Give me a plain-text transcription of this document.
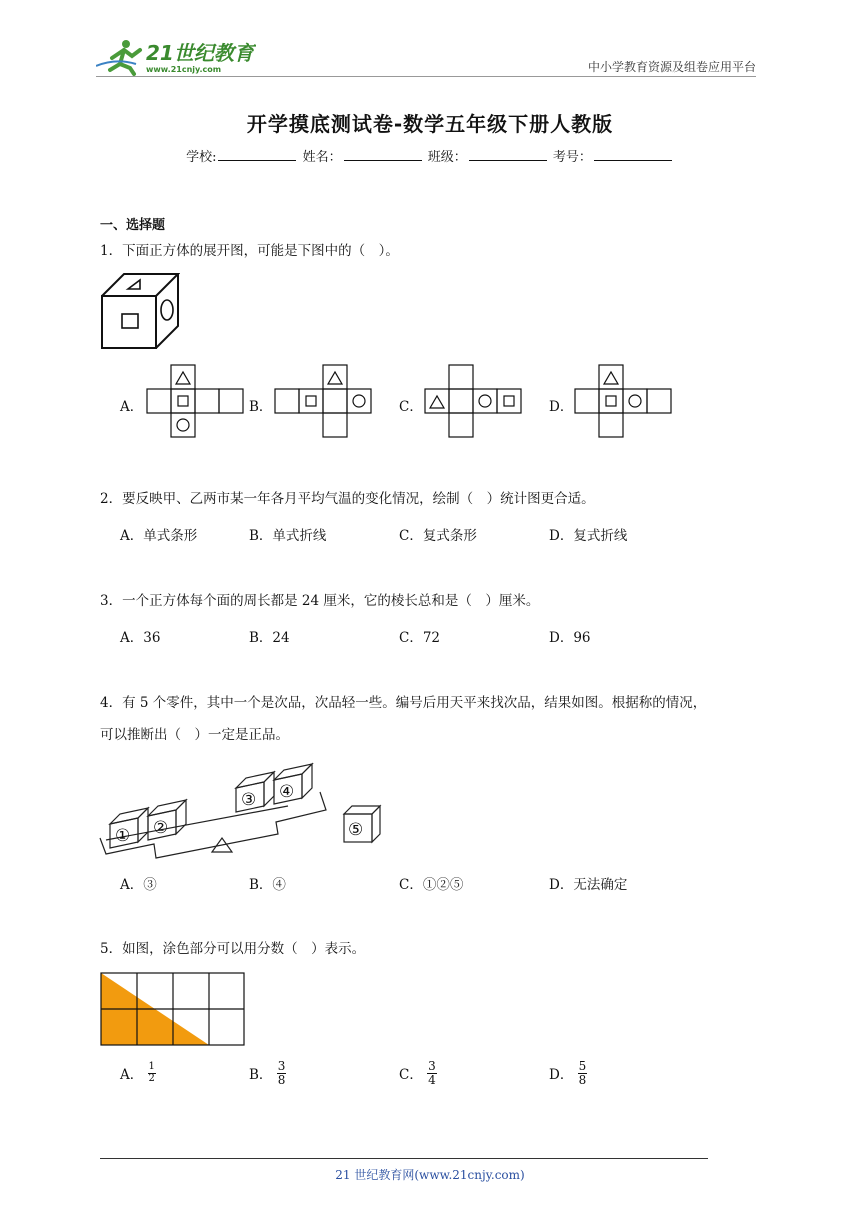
21世纪教育
www.21cnjy.com	中小学教育资源及组卷应用平台
开学摸底测试卷-数学五年级下册人教版
学校:	姓名：	班级：	考号：
一、选择题
1．下面正方体的展开图，可能是下图中的（　）。
A．	B．	C．	D．
2．要反映甲、乙两市某一年各月平均气温的变化情况，绘制（　）统计图更合适。
A．单式条形	B．单式折线	C．复式条形	D．复式折线
3．一个正方体每个面的周长都是 24 厘米，它的棱长总和是（　）厘米。
A．36	B．24	C．72	D．96
4．有 5 个零件，其中一个是次品，次品轻一些。编号后用天平来找次品，结果如图。根据称的情况，
可以推断出（　）一定是正品。
① ②
③ ④
⑤
A．③	B．④	C．①②⑤	D．无法确定
5．如图，涂色部分可以用分数（　）表示。
A． $\frac{1}{2}$	B． $\frac{3}{8}$	C． $\frac{3}{4}$	D． $\frac{5}{8}$
21 世纪教育网(www.21cnjy.com)
